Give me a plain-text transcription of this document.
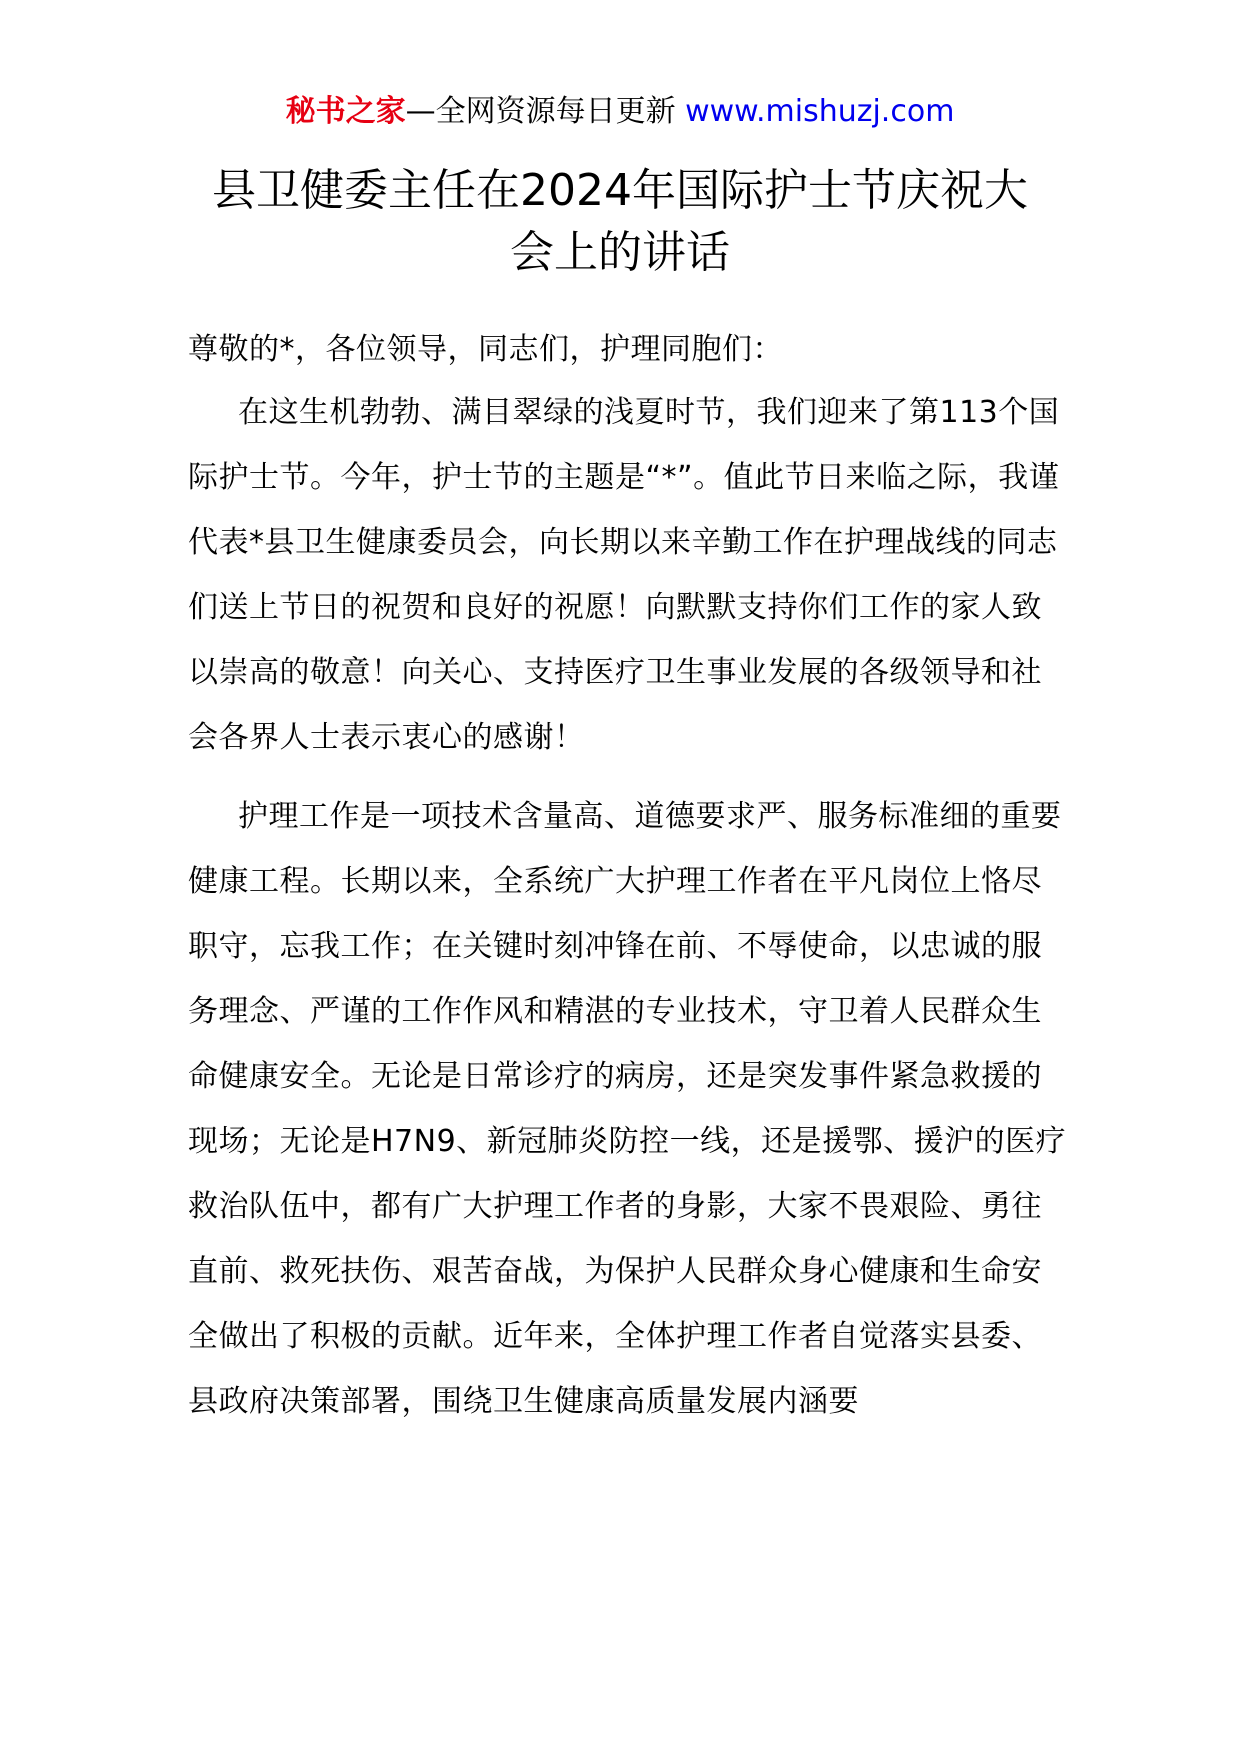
秘书之家—全网资源每日更新 www.mishuzj.com
县卫健委主任在2024年国际护士节庆祝大
会上的讲话

尊敬的*，各位领导，同志们，护理同胞们：

在这生机勃勃、满目翠绿的浅夏时节，我们迎来了第113个国际护士节。今年，护士节的主题是“*”。值此节日来临之际，我谨代表*县卫生健康委员会，向长期以来辛勤工作在护理战线的同志们送上节日的祝贺和良好的祝愿！向默默支持你们工作的家人致以崇高的敬意！向关心、支持医疗卫生事业发展的各级领导和社会各界人士表示衷心的感谢！

护理工作是一项技术含量高、道德要求严、服务标准细的重要健康工程。长期以来，全系统广大护理工作者在平凡岗位上恪尽职守，忘我工作；在关键时刻冲锋在前、不辱使命，以忠诚的服务理念、严谨的工作作风和精湛的专业技术，守卫着人民群众生命健康安全。无论是日常诊疗的病房，还是突发事件紧急救援的现场；无论是H7N9、新冠肺炎防控一线，还是援鄂、援沪的医疗救治队伍中，都有广大护理工作者的身影，大家不畏艰险、勇往直前、救死扶伤、艰苦奋战，为保护人民群众身心健康和生命安全做出了积极的贡献。近年来，全体护理工作者自觉落实县委、县政府决策部署，围绕卫生健康高质量发展内涵要
